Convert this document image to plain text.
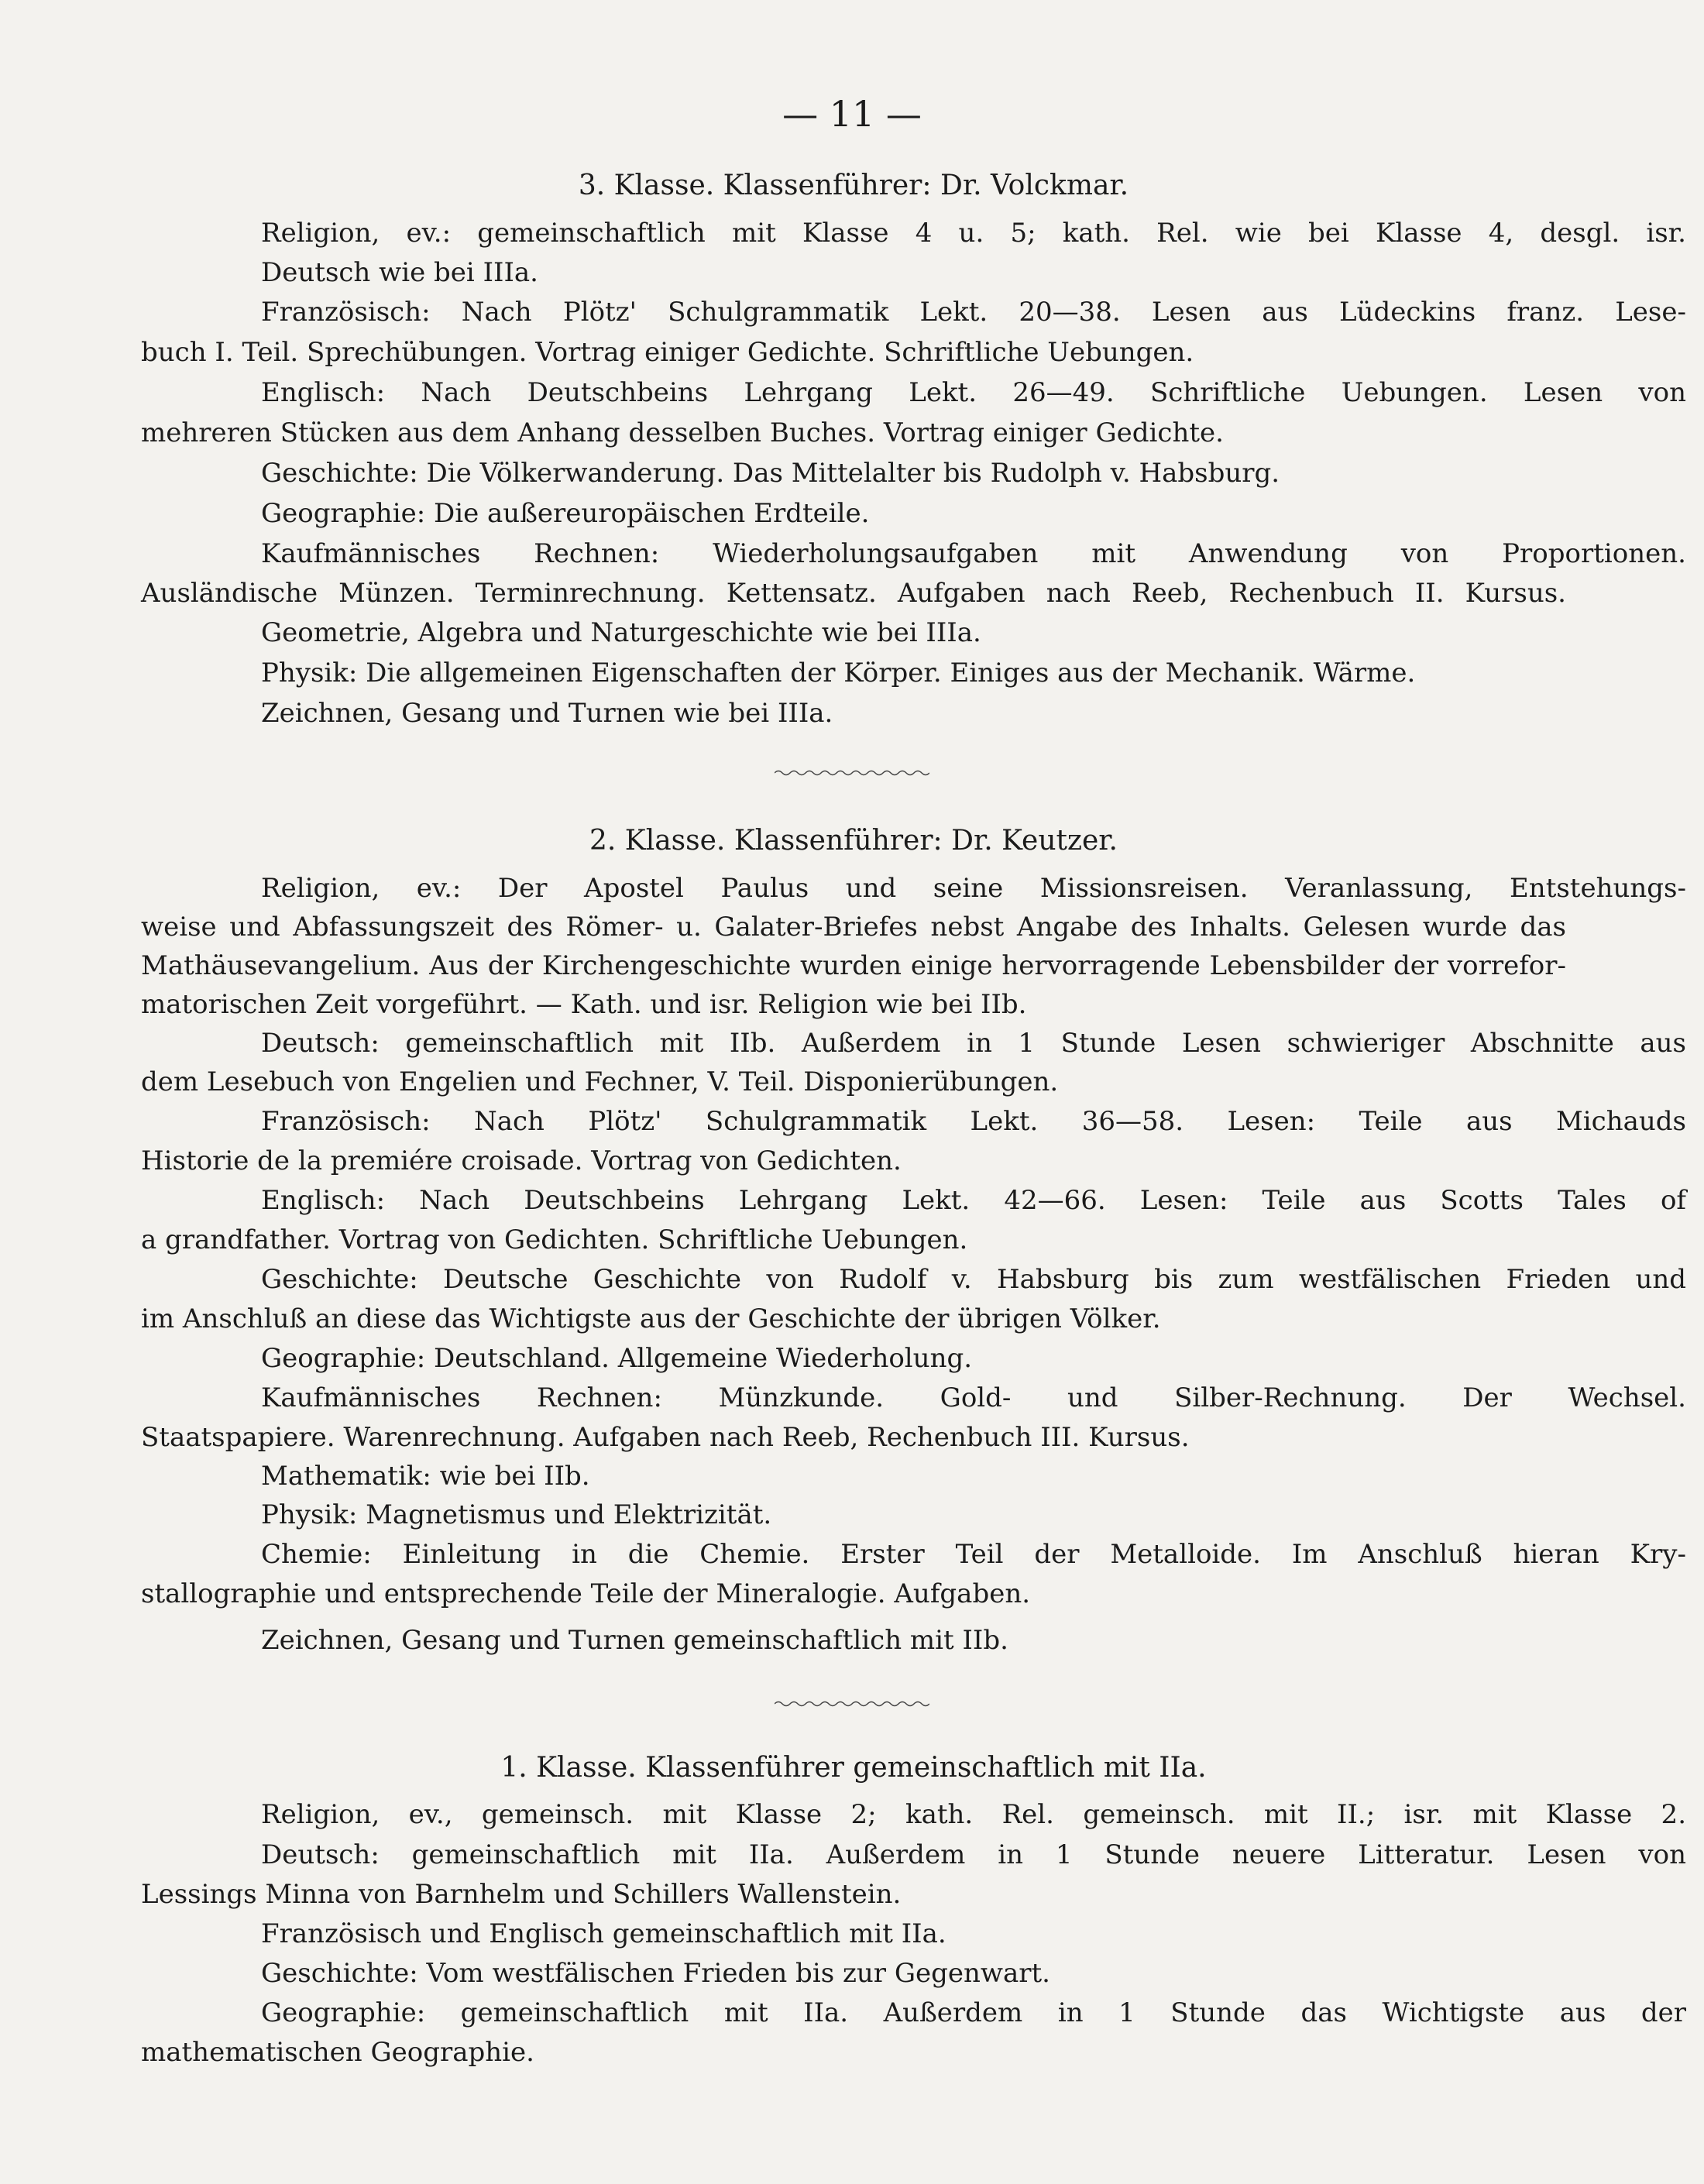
— 11 —
3. Klasse. Klassenführer: Dr. Volckmar.
Religion, ev.: gemeinschaftlich mit Klasse 4 u. 5; kath. Rel. wie bei Klasse 4, desgl. isr.
Deutsch wie bei IIIa.
Französisch: Nach Plötz' Schulgrammatik Lekt. 20—38. Lesen aus Lüdeckins franz. Lese-
buch I. Teil. Sprechübungen. Vortrag einiger Gedichte. Schriftliche Uebungen.
Englisch: Nach Deutschbeins Lehrgang Lekt. 26—49. Schriftliche Uebungen. Lesen von
mehreren Stücken aus dem Anhang desselben Buches. Vortrag einiger Gedichte.
Geschichte: Die Völkerwanderung. Das Mittelalter bis Rudolph v. Habsburg.
Geographie: Die außereuropäischen Erdteile.
Kaufmännisches Rechnen: Wiederholungsaufgaben mit Anwendung von Proportionen.
Ausländische Münzen. Terminrechnung. Kettensatz. Aufgaben nach Reeb, Rechenbuch II. Kursus.
Geometrie, Algebra und Naturgeschichte wie bei IIIa.
Physik: Die allgemeinen Eigenschaften der Körper. Einiges aus der Mechanik. Wärme.
Zeichnen, Gesang und Turnen wie bei IIIa.
2. Klasse. Klassenführer: Dr. Keutzer.
Religion, ev.: Der Apostel Paulus und seine Missionsreisen. Veranlassung, Entstehungs-
weise und Abfassungszeit des Römer- u. Galater-Briefes nebst Angabe des Inhalts. Gelesen wurde das
Mathäusevangelium. Aus der Kirchengeschichte wurden einige hervorragende Lebensbilder der vorrefor-
matorischen Zeit vorgeführt. — Kath. und isr. Religion wie bei IIb.
Deutsch: gemeinschaftlich mit IIb. Außerdem in 1 Stunde Lesen schwieriger Abschnitte aus
dem Lesebuch von Engelien und Fechner, V. Teil. Disponierübungen.
Französisch: Nach Plötz' Schulgrammatik Lekt. 36—58. Lesen: Teile aus Michauds
Historie de la premiére croisade. Vortrag von Gedichten.
Englisch: Nach Deutschbeins Lehrgang Lekt. 42—66. Lesen: Teile aus Scotts Tales of
a grandfather. Vortrag von Gedichten. Schriftliche Uebungen.
Geschichte: Deutsche Geschichte von Rudolf v. Habsburg bis zum westfälischen Frieden und
im Anschluß an diese das Wichtigste aus der Geschichte der übrigen Völker.
Geographie: Deutschland. Allgemeine Wiederholung.
Kaufmännisches Rechnen: Münzkunde. Gold- und Silber-Rechnung. Der Wechsel.
Staatspapiere. Warenrechnung. Aufgaben nach Reeb, Rechenbuch III. Kursus.
Mathematik: wie bei IIb.
Physik: Magnetismus und Elektrizität.
Chemie: Einleitung in die Chemie. Erster Teil der Metalloide. Im Anschluß hieran Kry-
stallographie und entsprechende Teile der Mineralogie. Aufgaben.
Zeichnen, Gesang und Turnen gemeinschaftlich mit IIb.
1. Klasse. Klassenführer gemeinschaftlich mit IIa.
Religion, ev., gemeinsch. mit Klasse 2; kath. Rel. gemeinsch. mit II.; isr. mit Klasse 2.
Deutsch: gemeinschaftlich mit IIa. Außerdem in 1 Stunde neuere Litteratur. Lesen von
Lessings Minna von Barnhelm und Schillers Wallenstein.
Französisch und Englisch gemeinschaftlich mit IIa.
Geschichte: Vom westfälischen Frieden bis zur Gegenwart.
Geographie: gemeinschaftlich mit IIa. Außerdem in 1 Stunde das Wichtigste aus der
mathematischen Geographie.
